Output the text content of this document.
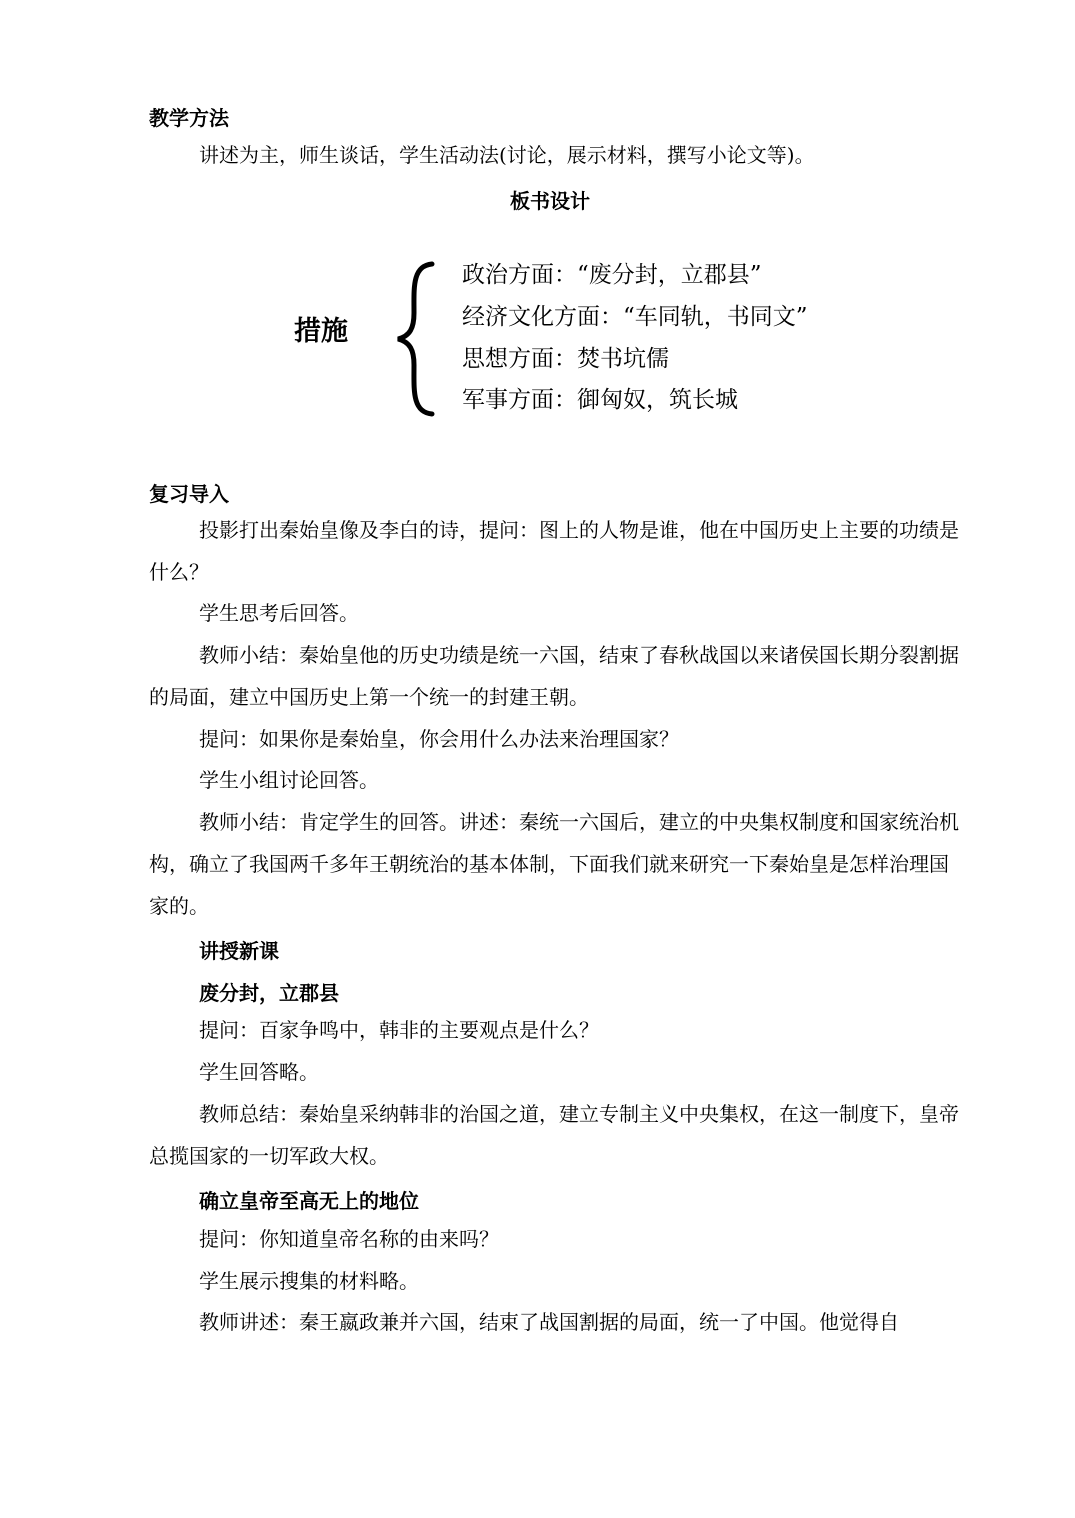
教学方法
讲述为主，师生谈话，学生活动法(讨论，展示材料，撰写小论文等)。
板书设计
措施
政治方面：“废分封，立郡县”
经济文化方面：“车同轨，书同文”
思想方面：焚书坑儒
军事方面：御匈奴，筑长城
复习导入
投影打出秦始皇像及李白的诗，提问：图上的人物是谁，他在中国历史上主要的功绩是什么？
学生思考后回答。
教师小结：秦始皇他的历史功绩是统一六国，结束了春秋战国以来诸侯国长期分裂割据的局面，建立中国历史上第一个统一的封建王朝。
提问：如果你是秦始皇，你会用什么办法来治理国家？
学生小组讨论回答。
教师小结：肯定学生的回答。讲述：秦统一六国后，建立的中央集权制度和国家统治机构，确立了我国两千多年王朝统治的基本体制，下面我们就来研究一下秦始皇是怎样治理国家的。
讲授新课
废分封，立郡县
提问：百家争鸣中，韩非的主要观点是什么？
学生回答略。
教师总结：秦始皇采纳韩非的治国之道，建立专制主义中央集权，在这一制度下，皇帝总揽国家的一切军政大权。
确立皇帝至高无上的地位
提问：你知道皇帝名称的由来吗？
学生展示搜集的材料略。
教师讲述：秦王嬴政兼并六国，结束了战国割据的局面，统一了中国。他觉得自
